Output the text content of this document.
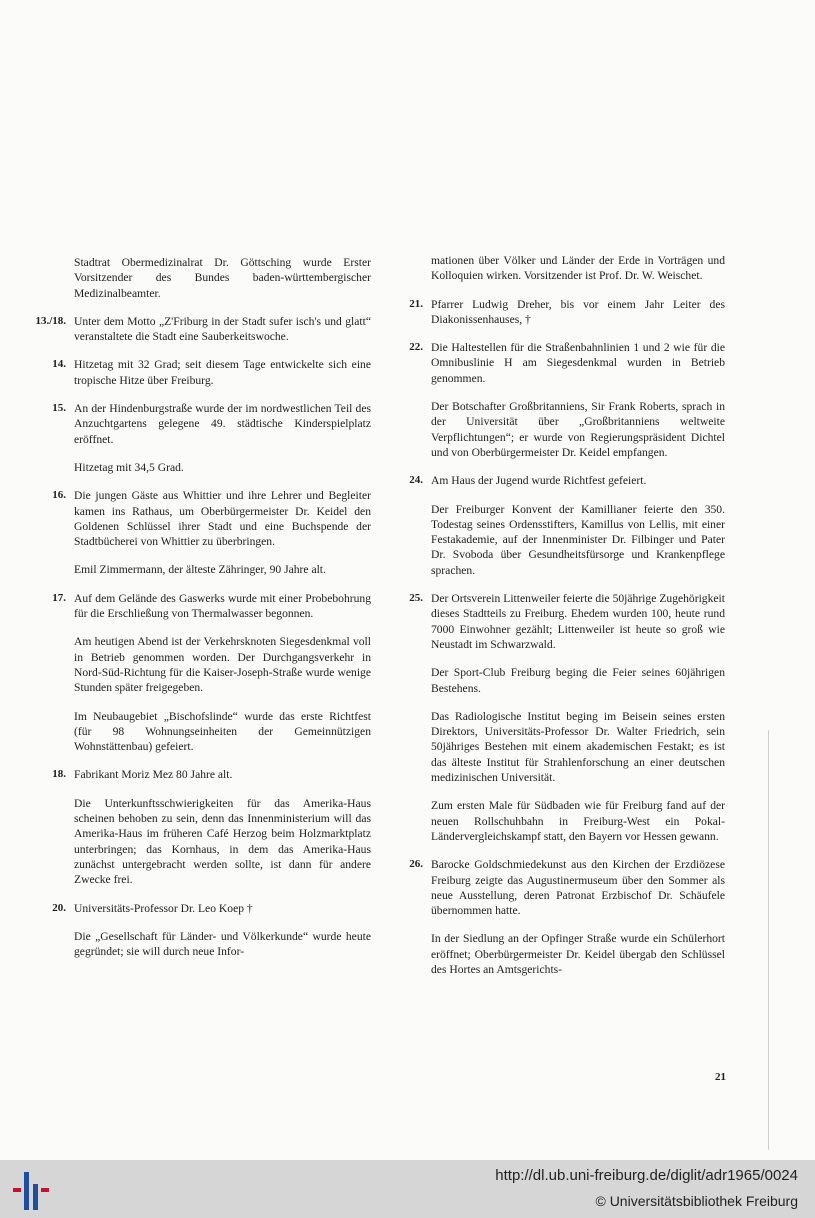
Stadtrat Obermedizinalrat Dr. Göttsching wurde Erster Vorsitzender des Bundes baden-württembergischer Medizinalbeamter.

13./18. Unter dem Motto „Z'Friburg in der Stadt sufer isch's und glatt“ veranstaltete die Stadt eine Sauberkeitswoche.

14. Hitzetag mit 32 Grad; seit diesem Tage entwickelte sich eine tropische Hitze über Freiburg.

15. An der Hindenburgstraße wurde der im nordwestlichen Teil des Anzuchtgartens gelegene 49. städtische Kinderspielplatz eröffnet.

Hitzetag mit 34,5 Grad.

16. Die jungen Gäste aus Whittier und ihre Lehrer und Begleiter kamen ins Rathaus, um Oberbürgermeister Dr. Keidel den Goldenen Schlüssel ihrer Stadt und eine Buchspende der Stadtbücherei von Whittier zu überbringen.

Emil Zimmermann, der älteste Zähringer, 90 Jahre alt.

17. Auf dem Gelände des Gaswerks wurde mit einer Probebohrung für die Erschließung von Thermalwasser begonnen.

Am heutigen Abend ist der Verkehrsknoten Siegesdenkmal voll in Betrieb genommen worden. Der Durchgangsverkehr in Nord-Süd-Richtung für die Kaiser-Joseph-Straße wurde wenige Stunden später freigegeben.

Im Neubaugebiet „Bischofslinde“ wurde das erste Richtfest (für 98 Wohnungseinheiten der Gemeinnützigen Wohnstättenbau) gefeiert.

18. Fabrikant Moriz Mez 80 Jahre alt.

Die Unterkunftsschwierigkeiten für das Amerika-Haus scheinen behoben zu sein, denn das Innenministerium will das Amerika-Haus im früheren Café Herzog beim Holzmarktplatz unterbringen; das Kornhaus, in dem das Amerika-Haus zunächst untergebracht werden sollte, ist dann für andere Zwecke frei.

20. Universitäts-Professor Dr. Leo Koep †

Die „Gesellschaft für Länder- und Völkerkunde“ wurde heute gegründet; sie will durch neue Infor-

mationen über Völker und Länder der Erde in Vorträgen und Kolloquien wirken. Vorsitzender ist Prof. Dr. W. Weischet.

21. Pfarrer Ludwig Dreher, bis vor einem Jahr Leiter des Diakonissenhauses, †

22. Die Haltestellen für die Straßenbahnlinien 1 und 2 wie für die Omnibuslinie H am Siegesdenkmal wurden in Betrieb genommen.

Der Botschafter Großbritanniens, Sir Frank Roberts, sprach in der Universität über „Großbritanniens weltweite Verpflichtungen“; er wurde von Regierungspräsident Dichtel und von Oberbürgermeister Dr. Keidel empfangen.

24. Am Haus der Jugend wurde Richtfest gefeiert.

Der Freiburger Konvent der Kamillianer feierte den 350. Todestag seines Ordensstifters, Kamillus von Lellis, mit einer Festakademie, auf der Innenminister Dr. Filbinger und Pater Dr. Svoboda über Gesundheitsfürsorge und Krankenpflege sprachen.

25. Der Ortsverein Littenweiler feierte die 50jährige Zugehörigkeit dieses Stadtteils zu Freiburg. Ehedem wurden 100, heute rund 7000 Einwohner gezählt; Littenweiler ist heute so groß wie Neustadt im Schwarzwald.

Der Sport-Club Freiburg beging die Feier seines 60jährigen Bestehens.

Das Radiologische Institut beging im Beisein seines ersten Direktors, Universitäts-Professor Dr. Walter Friedrich, sein 50jähriges Bestehen mit einem akademischen Festakt; es ist das älteste Institut für Strahlenforschung an einer deutschen medizinischen Universität.

Zum ersten Male für Südbaden wie für Freiburg fand auf der neuen Rollschuhbahn in Freiburg-West ein Pokal-Ländervergleichskampf statt, den Bayern vor Hessen gewann.

26. Barocke Goldschmiedekunst aus den Kirchen der Erzdiözese Freiburg zeigte das Augustinermuseum über den Sommer als neue Ausstellung, deren Patronat Erzbischof Dr. Schäufele übernommen hatte.

In der Siedlung an der Opfinger Straße wurde ein Schülerhort eröffnet; Oberbürgermeister Dr. Keidel übergab den Schlüssel des Hortes an Amtsgerichts-

21
http://dl.ub.uni-freiburg.de/diglit/adr1965/0024
© Universitätsbibliothek Freiburg
